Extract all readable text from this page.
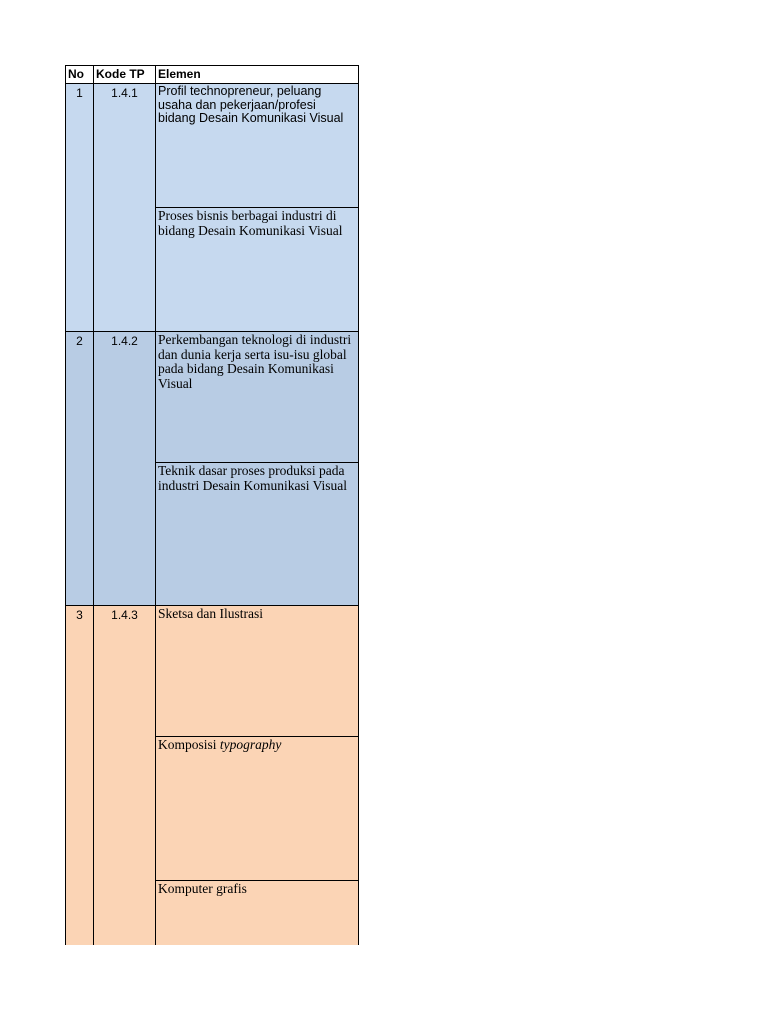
No	Kode TP	Elemen
1	1.4.1	Profil technopreneur, peluang usaha dan pekerjaan/profesi bidang Desain Komunikasi Visual
Proses bisnis berbagai industri di bidang Desain Komunikasi Visual
2	1.4.2	Perkembangan teknologi di industri dan dunia kerja serta isu-isu global pada bidang Desain Komunikasi Visual
Teknik dasar proses produksi pada industri Desain Komunikasi Visual
3	1.4.3	Sketsa dan Ilustrasi
Komposisi typography
Komputer grafis
